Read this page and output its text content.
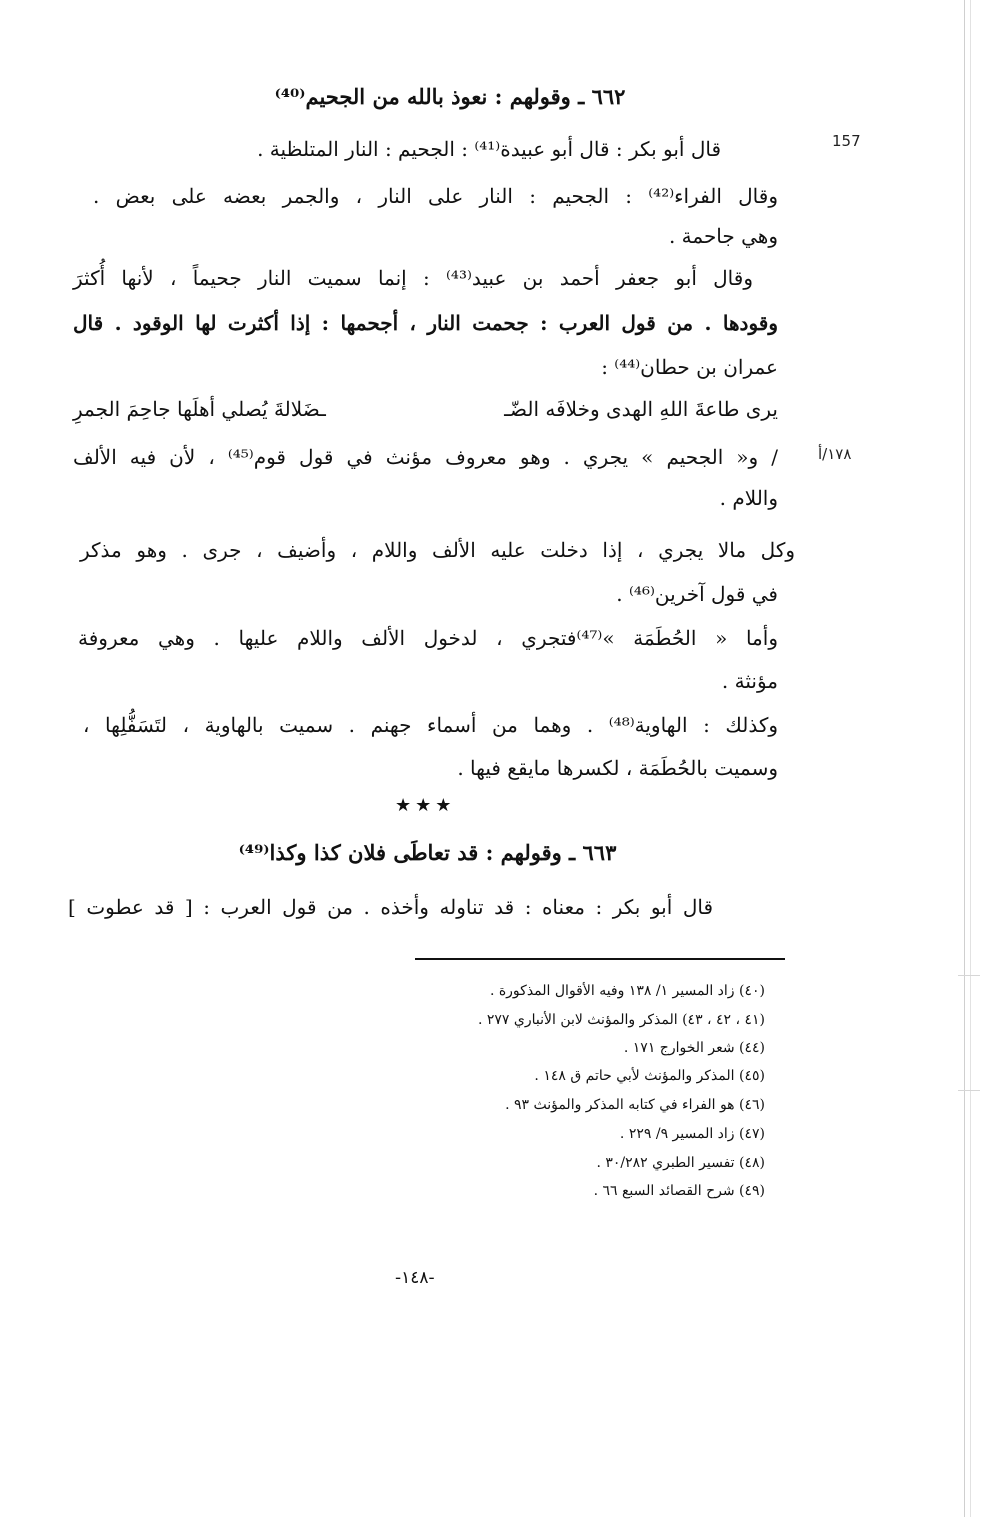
157
١٧٨/أ
٦٦٢ ـ وقولهم : نعوذ بالله من الجحيم⁽⁴⁰⁾
قال أبو بكر : قال أبو عبيدة⁽⁴¹⁾ : الجحيم : النار المتلظية .
وقال الفراء⁽⁴²⁾ : الجحيم : النار على النار ، والجمر بعضه على بعض .
وهي جاحمة .
وقال أبو جعفر أحمد بن عبيد⁽⁴³⁾ : إنما سميت النار جحيماً ، لأنها أُكثرَ
وقودها . من قول العرب : جحمت النار ، أجحمها : إذا أكثرت لها الوقود . قال
عمران بن حطان⁽⁴⁴⁾ :
يرى طاعةَ اللهِ الهدى وخلافَه الضّـ
ـضَلالةَ يُصلي أهلَها جاحِمَ الجمرِ
/ و« الجحيم » يجري . وهو معروف مؤنث في قول قوم⁽⁴⁵⁾ ، لأن فيه الألف
واللام .
وكل مالا يجري ، إذا دخلت عليه الألف واللام ، وأضيف ، جرى . وهو مذكر
في قول آخرين⁽⁴⁶⁾ .
وأما « الحُطَمَة »⁽⁴⁷⁾فتجري ، لدخول الألف واللام عليها . وهي معروفة
مؤنثة .
وكذلك : الهاوية⁽⁴⁸⁾ . وهما من أسماء جهنم . سميت بالهاوية ، لتَسَفُّلِها ،
وسميت بالحُطَمَة ، لكسرها مايقع فيها .
★★★
٦٦٣ ـ وقولهم : قد تعاطَى فلان كذا وكذا⁽⁴⁹⁾
قال أبو بكر : معناه : قد تناوله وأخذه . من قول العرب : [ قد عطوت ]
(٤٠) زاد المسير ١/ ١٣٨ وفيه الأقوال المذكورة .
(٤١ ، ٤٢ ، ٤٣) المذكر والمؤنث لابن الأنباري ٢٧٧ .
(٤٤) شعر الخوارج ١٧١ .
(٤٥) المذكر والمؤنث لأبي حاتم ق ١٤٨ .
(٤٦) هو الفراء في كتابه المذكر والمؤنث ٩٣ .
(٤٧) زاد المسير ٩/ ٢٢٩ .
(٤٨) تفسير الطبري ٣٠/٢٨٢ .
(٤٩) شرح القصائد السبع ٦٦ .
-١٤٨-
